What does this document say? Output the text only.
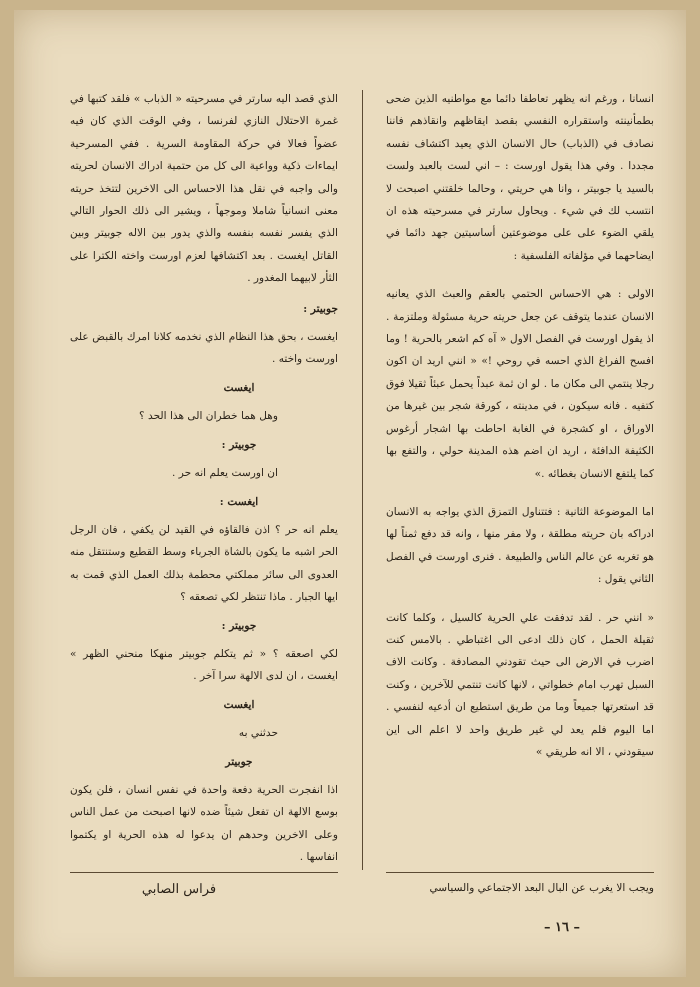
انسانا ، ورغم انه يظهر تعاطفا دائما مع مواطنيه الذين ضحى بطمأنينته واستقراره النفسي بقصد ايقاظهم وانقاذهم فاننا نصادف في (الذباب) حال الانسان الذي يعيد اكتشاف نفسه مجددا . وفي هذا يقول اورست : – اني لست بالعبد ولست بالسيد يا جوبيتر ، وانا هي حريتي ، وحالما خلقتني اصبحت لا انتسب لك في شيء . ويحاول سارتر في مسرحيته هذه ان يلقي الضوء على على موضوعتين أساسيتين جهد دائما في ايضاحهما في مؤلفاته الفلسفية :

الاولى : هي الاحساس الحتمي بالعقم والعبث الذي يعانيه الانسان عندما يتوقف عن جعل حريته حرية مسئولة وملتزمة . اذ يقول اورست في الفصل الاول « آه كم اشعر بالحرية ! وما افسح الفراغ الذي احسه في روحي !» « انني اريد ان اكون رجلا ينتمي الى مكان ما . لو ان ثمة عبداً يحمل عبئاً ثقيلا فوق كتفيه . فانه سيكون ، في مدينته ، كورقة شجر بين غيرها من الاوراق ، او كشجرة في الغابة احاطت بها اشجار أرغوس الكثيفة الدافئة ، اريد ان اضم هذه المدينة حولي ، والتفع بها كما يلتفع الانسان بغطائه .»

اما الموضوعة الثانية : فتتناول التمزق الذي يواجه به الانسان ادراكه بان حريته مطلقة ، ولا مفر منها ، وانه قد دفع ثمناً لها هو تغربه عن عالم الناس والطبيعة . فنرى اورست في الفصل الثاني يقول :

« انني حر . لقد تدفقت علي الحرية كالسيل ، وكلما كانت ثقيلة الحمل ، كان ذلك ادعى الى اغتباطي . بالامس كنت اضرب في الارض الى حيث تقودني المصادفة . وكانت الاف السبل تهرب امام خطواتي ، لانها كانت تنتمي للآخرين ، وكنت قد استعرتها جميعاً وما من طريق استطيع ان أدعيه لنفسي . اما اليوم فلم يعد لي غير طريق واحد لا اعلم الى اين سيقودني ، الا انه طريقي »

الذي قصد اليه سارتر في مسرحيته « الذباب » فلقد كتبها في غمرة الاحتلال النازي لفرنسا ، وفي الوقت الذي كان فيه عضواً فعالا في حركة المقاومة السرية . ففي المسرحية ايماءات ذكية وواعية الى كل من حتمية ادراك الانسان لحريته والى واجبه في نقل هذا الاحساس الى الاخرين لتتخذ حريته معنى انسانياً شاملا وموجهاً ، ويشير الى ذلك الحوار التالي الذي يفسر نفسه بنفسه والذي يدور بين الاله جوبيتر وبين القاتل ايغست . بعد اكتشافها لعزم اورست واخته الكترا على الثأر لابيهما المغدور .

جوبيتر :

ايغست ، بحق هذا النظام الذي نخدمه كلانا امرك بالقبض على اورست واخته .

ايغست

وهل هما خطران الى هذا الحد ؟

جوبيتر :

ان اورست يعلم انه حر .

ايغست :

يعلم انه حر ؟ اذن فالقاؤه في القيد لن يكفي ، فان الرجل الحر اشبه ما يكون بالشاة الجرباء وسط القطيع وستنتقل منه العدوى الى سائر مملكتي محطمة بذلك العمل الذي قمت به ايها الجبار . ماذا تنتظر لكي تصعقه ؟

جوبيتر :

لكي اصعقه ؟ « ثم يتكلم جوبيتر منهكا منحني الظهر » ايغست ، ان لدى الالهة سرا آخر .

ايغست

حدثني به

جوبيتر

اذا انفجرت الحرية دفعة واحدة في نفس انسان ، فلن يكون بوسع الالهة ان تفعل شيئاً ضده لانها اصبحت من عمل الناس وعلى الاخرين وحدهم ان يدعوا له هذه الحرية او يكتموا انفاسها .

ويجب الا يغرب عن البال البعد الاجتماعي والسياسي
فراس الصابي
– ١٦ –
